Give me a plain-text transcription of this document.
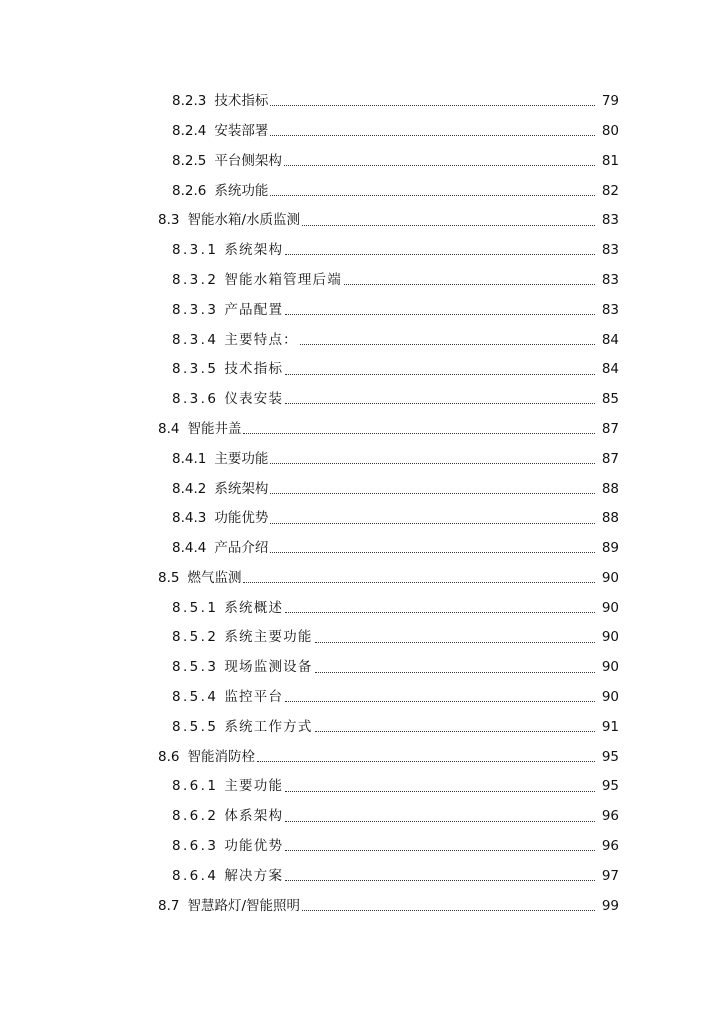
8.2.3 技术指标	79
8.2.4 安装部署	80
8.2.5 平台侧架构	81
8.2.6 系统功能	82
8.3 智能水箱/水质监测	83
8.3.1 系统架构	83
8.3.2 智能水箱管理后端	83
8.3.3 产品配置	83
8.3.4 主要特点：	84
8.3.5 技术指标	84
8.3.6 仪表安装	85
8.4 智能井盖	87
8.4.1 主要功能	87
8.4.2 系统架构	88
8.4.3 功能优势	88
8.4.4 产品介绍	89
8.5 燃气监测	90
8.5.1 系统概述	90
8.5.2 系统主要功能	90
8.5.3 现场监测设备	90
8.5.4 监控平台	90
8.5.5 系统工作方式	91
8.6 智能消防栓	95
8.6.1 主要功能	95
8.6.2 体系架构	96
8.6.3 功能优势	96
8.6.4 解决方案	97
8.7 智慧路灯/智能照明	99
